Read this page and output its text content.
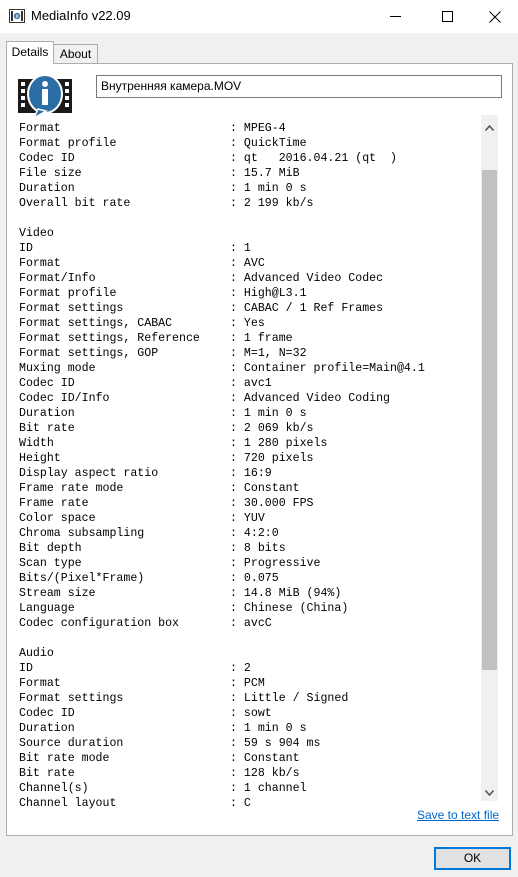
MediaInfo v22.09
Details About
Внутренняя камера.MOV
Format	: MPEG-4
Format profile	: QuickTime
Codec ID	: qt   2016.04.21 (qt  )
File size	: 15.7 MiB
Duration	: 1 min 0 s
Overall bit rate	: 2 199 kb/s
Video
ID	: 1
Format	: AVC
Format/Info	: Advanced Video Codec
Format profile	: High@L3.1
Format settings	: CABAC / 1 Ref Frames
Format settings, CABAC	: Yes
Format settings, Reference	: 1 frame
Format settings, GOP	: M=1, N=32
Muxing mode	: Container profile=Main@4.1
Codec ID	: avc1
Codec ID/Info	: Advanced Video Coding
Duration	: 1 min 0 s
Bit rate	: 2 069 kb/s
Width	: 1 280 pixels
Height	: 720 pixels
Display aspect ratio	: 16:9
Frame rate mode	: Constant
Frame rate	: 30.000 FPS
Color space	: YUV
Chroma subsampling	: 4:2:0
Bit depth	: 8 bits
Scan type	: Progressive
Bits/(Pixel*Frame)	: 0.075
Stream size	: 14.8 MiB (94%)
Language	: Chinese (China)
Codec configuration box	: avcC
Audio
ID	: 2
Format	: PCM
Format settings	: Little / Signed
Codec ID	: sowt
Duration	: 1 min 0 s
Source duration	: 59 s 904 ms
Bit rate mode	: Constant
Bit rate	: 128 kb/s
Channel(s)	: 1 channel
Channel layout	: C
Save to text file
OK
